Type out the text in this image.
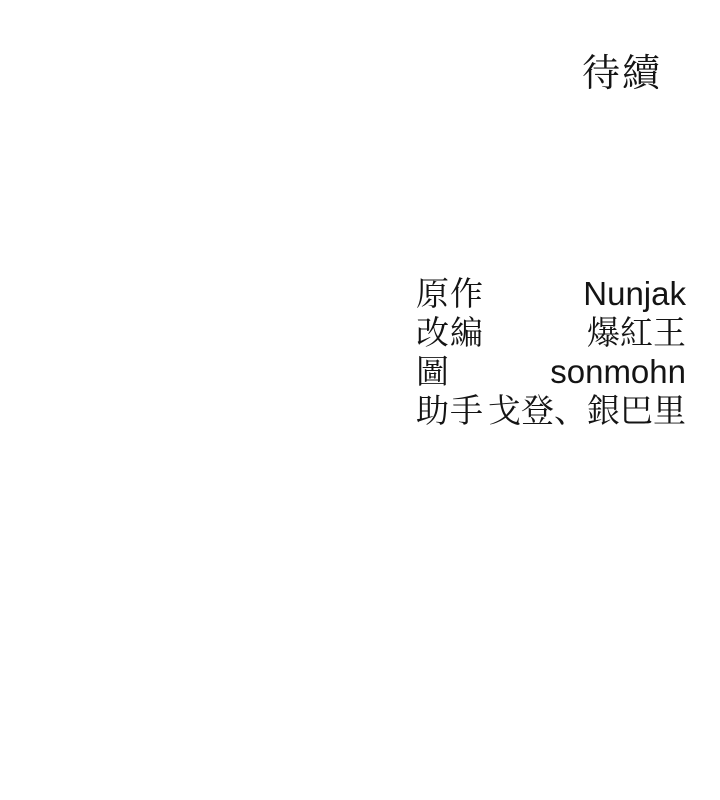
待續
原作	Nunjak
改編	爆紅王
圖	sonmohn
助手 戈登、銀巴里
